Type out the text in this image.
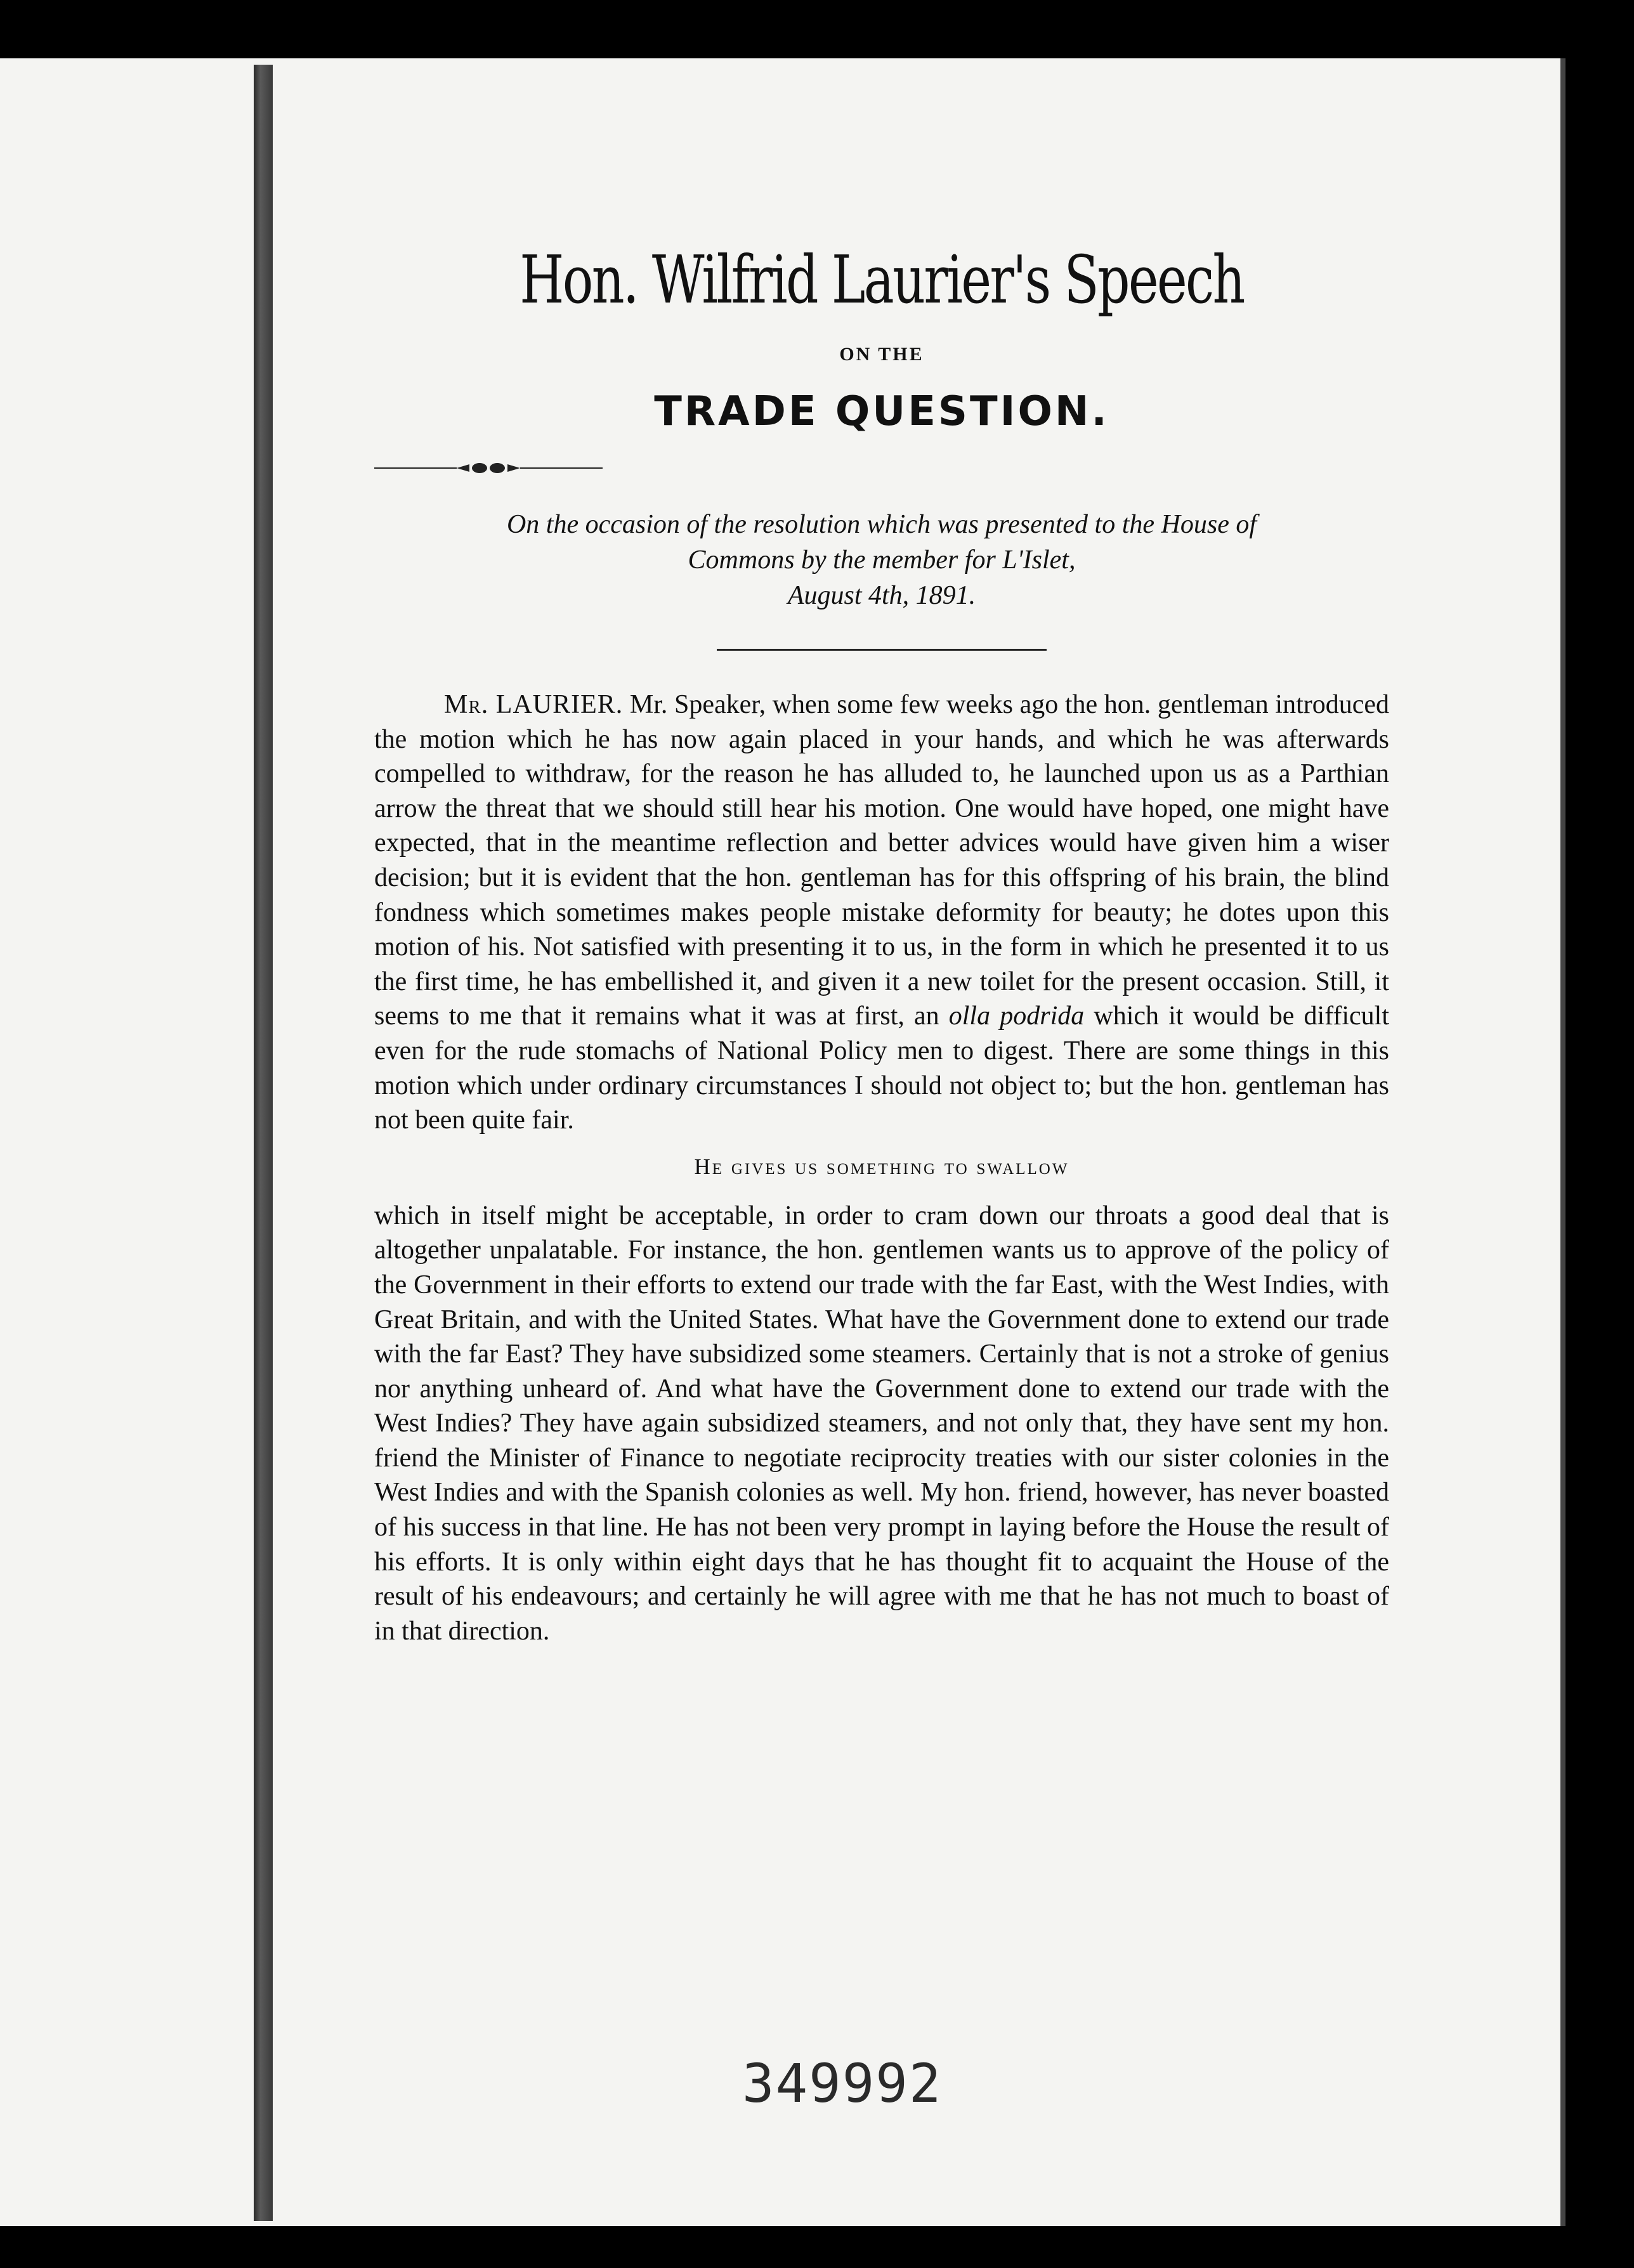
Hon. Wilfrid Laurier's Speech
ON THE
TRADE QUESTION.

On the occasion of the resolution which was presented to the House of

Commons by the member for L'Islet,

August 4th, 1891.

Mr. LAURIER. Mr. Speaker, when some few weeks ago the hon. gentleman introduced the motion which he has now again placed in your hands, and which he was afterwards compelled to withdraw, for the reason he has alluded to, he launched upon us as a Parthian arrow the threat that we should still hear his motion. One would have hoped, one might have expected, that in the meantime reflection and better advices would have given him a wiser decision; but it is evident that the hon. gentleman has for this offspring of his brain, the blind fondness which sometimes makes people mistake deformity for beauty; he dotes upon this motion of his. Not satisfied with presenting it to us, in the form in which he presented it to us the first time, he has embellished it, and given it a new toilet for the present occasion. Still, it seems to me that it remains what it was at first, an olla podrida which it would be difficult even for the rude stomachs of National Policy men to digest. There are some things in this motion which under ordinary circumstances I should not object to; but the hon. gentleman has not been quite fair.

He gives us something to swallow

which in itself might be acceptable, in order to cram down our throats a good deal that is altogether unpalatable. For instance, the hon. gentlemen wants us to approve of the policy of the Government in their efforts to extend our trade with the far East, with the West Indies, with Great Britain, and with the United States. What have the Government done to extend our trade with the far East? They have subsidized some steamers. Certainly that is not a stroke of genius nor anything unheard of. And what have the Government done to extend our trade with the West Indies? They have again subsidized steamers, and not only that, they have sent my hon. friend the Minister of Finance to negotiate reciprocity treaties with our sister colonies in the West Indies and with the Spanish colonies as well. My hon. friend, however, has never boasted of his success in that line. He has not been very prompt in laying before the House the result of his efforts. It is only within eight days that he has thought fit to acquaint the House of the result of his endeavours; and certainly he will agree with me that he has not much to boast of in that direction.

349992
